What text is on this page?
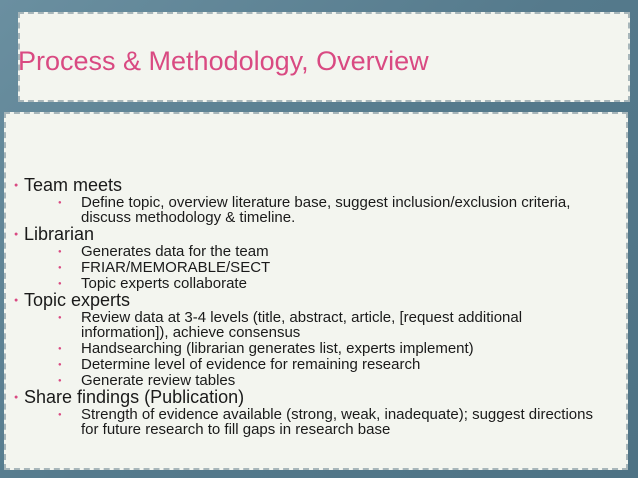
Process & Methodology, Overview
● Team meets
● Define topic, overview literature base, suggest inclusion/exclusion criteria, discuss methodology & timeline.
● Librarian
● Generates data for the team
● FRIAR/MEMORABLE/SECT
● Topic experts collaborate
● Topic experts
● Review data at 3-4 levels (title, abstract, article, [request additional information]), achieve consensus
● Handsearching (librarian generates list, experts implement)
● Determine level of evidence for remaining research
● Generate review tables
● Share findings (Publication)
● Strength of evidence available (strong, weak, inadequate); suggest directions for future research to fill gaps in research base
